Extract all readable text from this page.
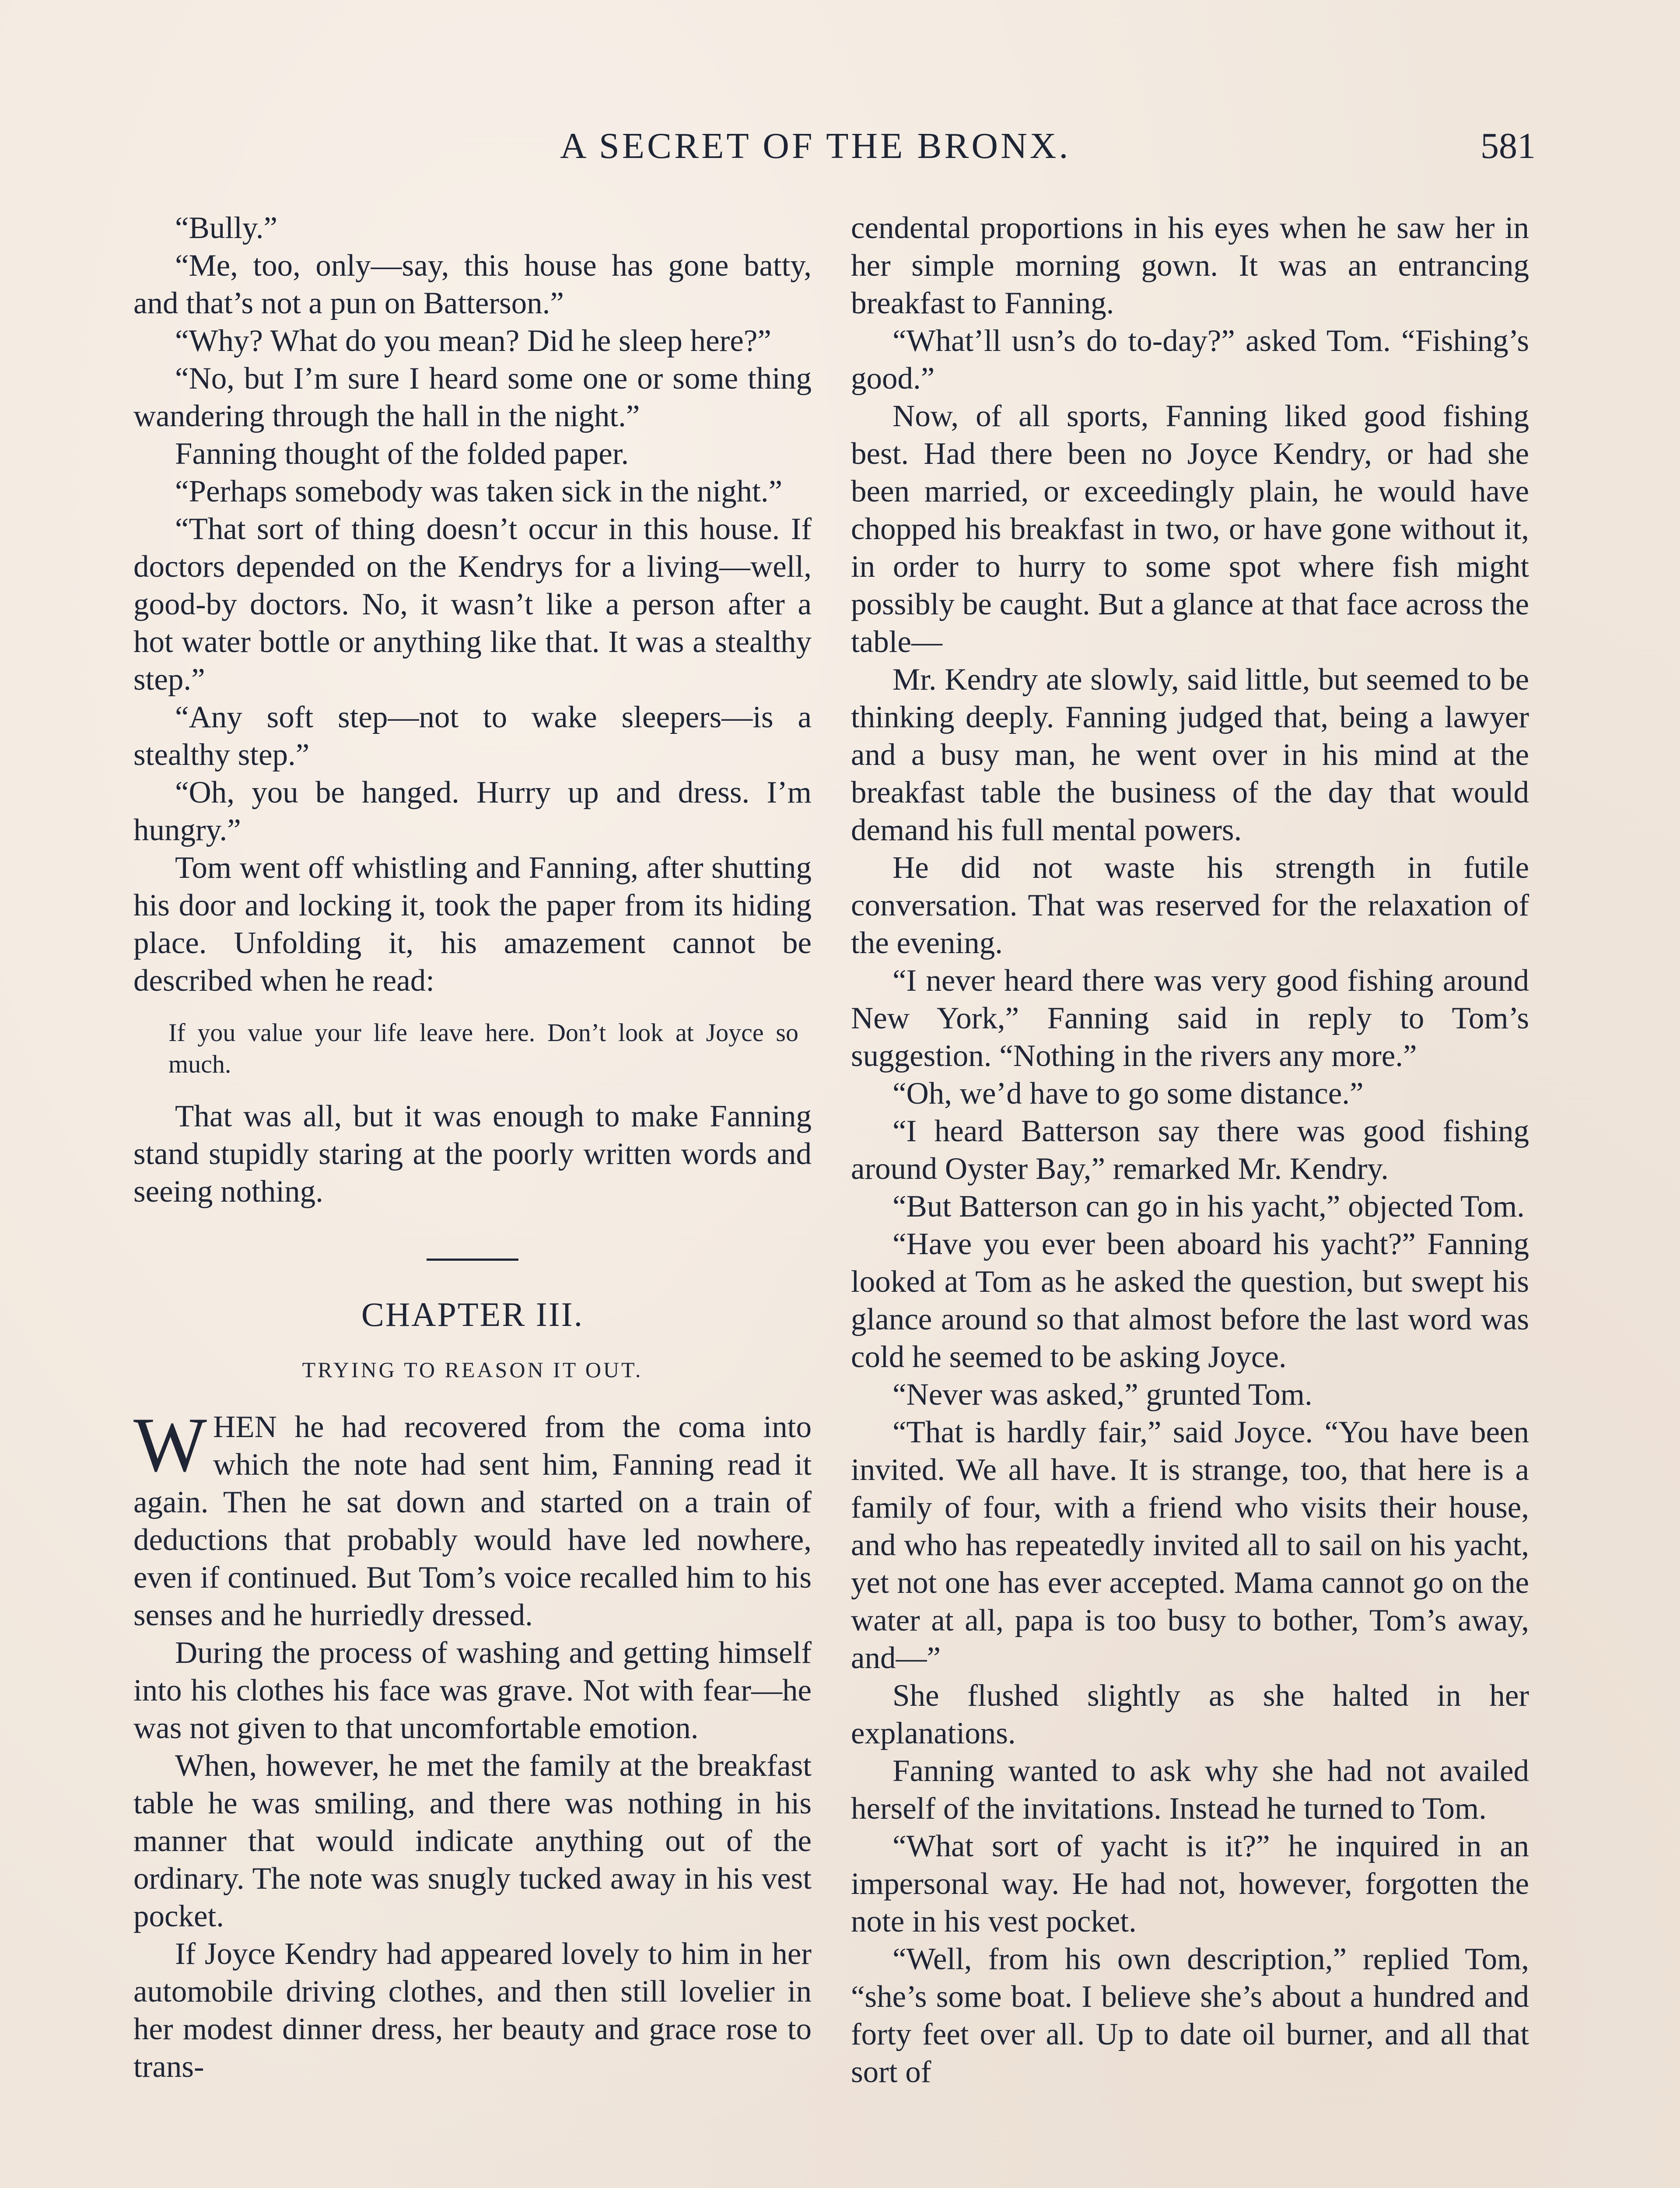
A SECRET OF THE BRONX.	581

“Bully.”

“Me, too, only—say, this house has gone batty, and that’s not a pun on Batterson.”

“Why? What do you mean? Did he sleep here?”

“No, but I’m sure I heard some one or some thing wandering through the hall in the night.”

Fanning thought of the folded paper.

“Perhaps somebody was taken sick in the night.”

“That sort of thing doesn’t occur in this house. If doctors depended on the Kendrys for a living—well, good-by doctors. No, it wasn’t like a person after a hot water bottle or anything like that. It was a stealthy step.”

“Any soft step—not to wake sleepers—is a stealthy step.”

“Oh, you be hanged. Hurry up and dress. I’m hungry.”

Tom went off whistling and Fanning, after shutting his door and locking it, took the paper from its hiding place. Unfolding it, his amazement cannot be described when he read:

If you value your life leave here. Don’t look at Joyce so much.

That was all, but it was enough to make Fanning stand stupidly staring at the poorly written words and seeing nothing.

CHAPTER III.
TRYING TO REASON IT OUT.

WHEN he had recovered from the coma into which the note had sent him, Fanning read it again. Then he sat down and started on a train of deductions that probably would have led nowhere, even if continued. But Tom’s voice recalled him to his senses and he hurriedly dressed.

During the process of washing and getting himself into his clothes his face was grave. Not with fear—he was not given to that uncomfortable emotion.

When, however, he met the family at the breakfast table he was smiling, and there was nothing in his manner that would indicate anything out of the ordinary. The note was snugly tucked away in his vest pocket.

If Joyce Kendry had appeared lovely to him in her automobile driving clothes, and then still lovelier in her modest dinner dress, her beauty and grace rose to trans-

cendental proportions in his eyes when he saw her in her simple morning gown. It was an entrancing breakfast to Fanning.

“What’ll usn’s do to-day?” asked Tom. “Fishing’s good.”

Now, of all sports, Fanning liked good fishing best. Had there been no Joyce Kendry, or had she been married, or exceedingly plain, he would have chopped his breakfast in two, or have gone without it, in order to hurry to some spot where fish might possibly be caught. But a glance at that face across the table—

Mr. Kendry ate slowly, said little, but seemed to be thinking deeply. Fanning judged that, being a lawyer and a busy man, he went over in his mind at the breakfast table the business of the day that would demand his full mental powers.

He did not waste his strength in futile conversation. That was reserved for the relaxation of the evening.

“I never heard there was very good fishing around New York,” Fanning said in reply to Tom’s suggestion. “Nothing in the rivers any more.”

“Oh, we’d have to go some distance.”

“I heard Batterson say there was good fishing around Oyster Bay,” remarked Mr. Kendry.

“But Batterson can go in his yacht,” objected Tom.

“Have you ever been aboard his yacht?” Fanning looked at Tom as he asked the question, but swept his glance around so that almost before the last word was cold he seemed to be asking Joyce.

“Never was asked,” grunted Tom.

“That is hardly fair,” said Joyce. “You have been invited. We all have. It is strange, too, that here is a family of four, with a friend who visits their house, and who has repeatedly invited all to sail on his yacht, yet not one has ever accepted. Mama cannot go on the water at all, papa is too busy to bother, Tom’s away, and—”

She flushed slightly as she halted in her explanations.

Fanning wanted to ask why she had not availed herself of the invitations. Instead he turned to Tom.

“What sort of yacht is it?” he inquired in an impersonal way. He had not, however, forgotten the note in his vest pocket.

“Well, from his own description,” replied Tom, “she’s some boat. I believe she’s about a hundred and forty feet over all. Up to date oil burner, and all that sort of
